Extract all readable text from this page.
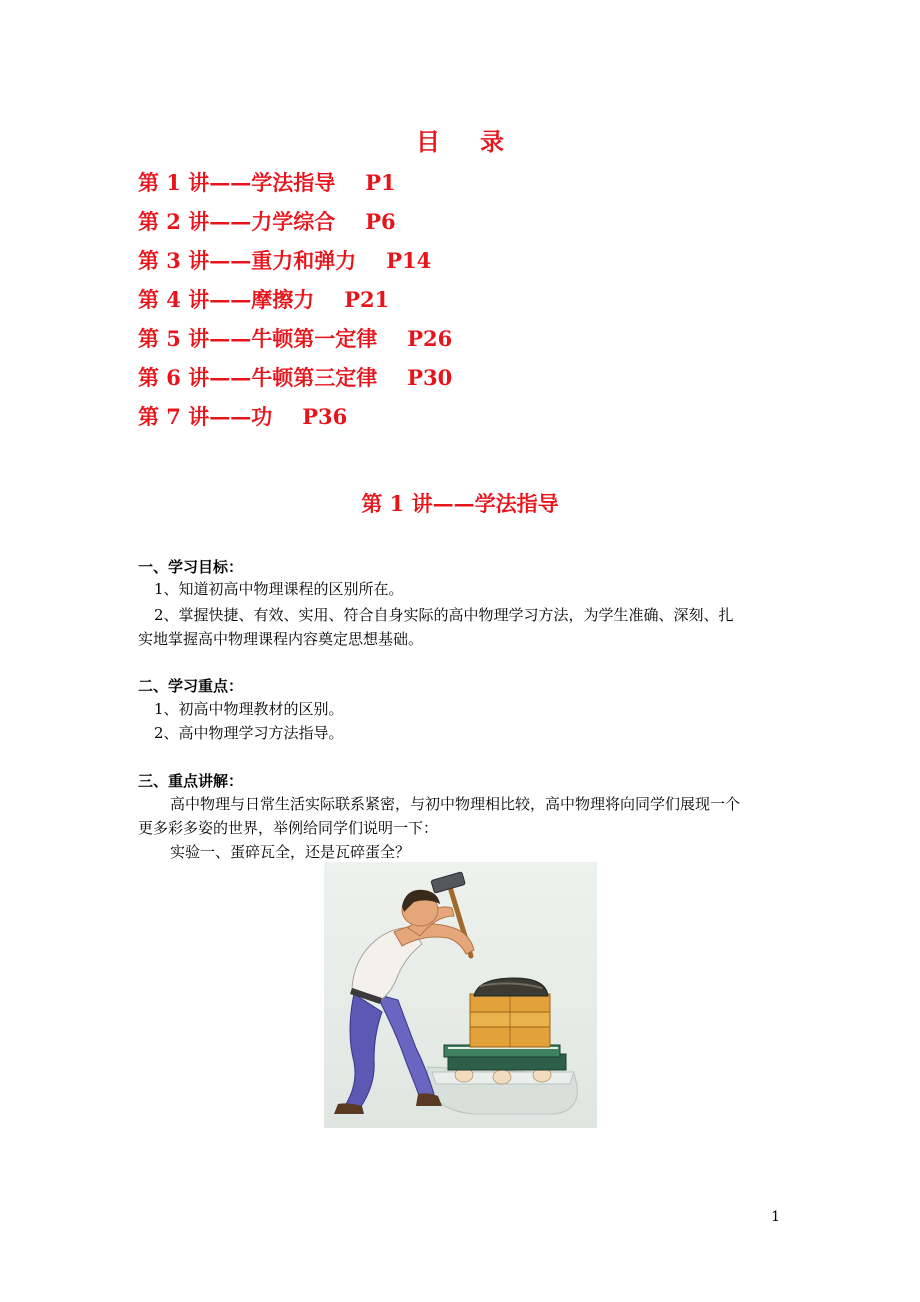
目 录
第 1 讲——学法指导 P1
第 2 讲——力学综合 P6
第 3 讲——重力和弹力 P14
第 4 讲——摩擦力 P21
第 5 讲——牛顿第一定律 P26
第 6 讲——牛顿第三定律 P30
第 7 讲——功 P36
第 1 讲——学法指导
一、学习目标：
1、知道初高中物理课程的区别所在。
2、掌握快捷、有效、实用、符合自身实际的高中物理学习方法，为学生准确、深刻、扎
实地掌握高中物理课程内容奠定思想基础。
二、学习重点：
1、初高中物理教材的区别。
2、高中物理学习方法指导。
三、重点讲解：
高中物理与日常生活实际联系紧密，与初中物理相比较，高中物理将向同学们展现一个
更多彩多姿的世界，举例给同学们说明一下：
实验一、蛋碎瓦全，还是瓦碎蛋全？
1
